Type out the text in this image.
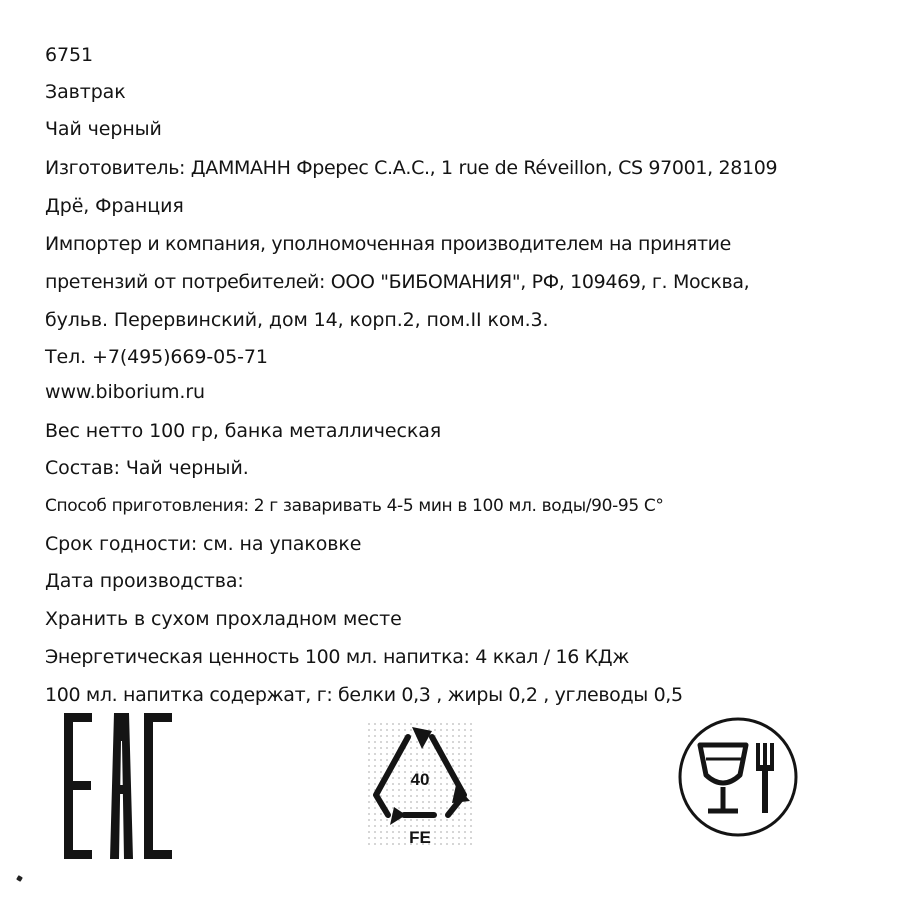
6751
Завтрак
Чай черный
Изготовитель: ДАММАНН Фререс С.А.С., 1 rue de Réveillon, CS 97001, 28109
Дрё, Франция
Импортер и компания, уполномоченная производителем на принятие
претензий от потребителей: ООО "БИБОМАНИЯ", РФ, 109469, г. Москва,
бульв. Перервинский, дом 14, корп.2, пом.II ком.3.
Тел. +7(495)669-05-71
www.biborium.ru
Вес нетто 100 гр, банка металлическая
Состав: Чай черный.
Способ приготовления: 2 г заваривать 4-5 мин в 100 мл. воды/90-95 С°
Срок годности: см. на упаковке
Дата производства:
Хранить в сухом прохладном месте
Энергетическая ценность 100 мл. напитка: 4 ккал / 16 КДж
100 мл. напитка содержат, г: белки 0,3 , жиры 0,2 , углеводы 0,5
40
FE
